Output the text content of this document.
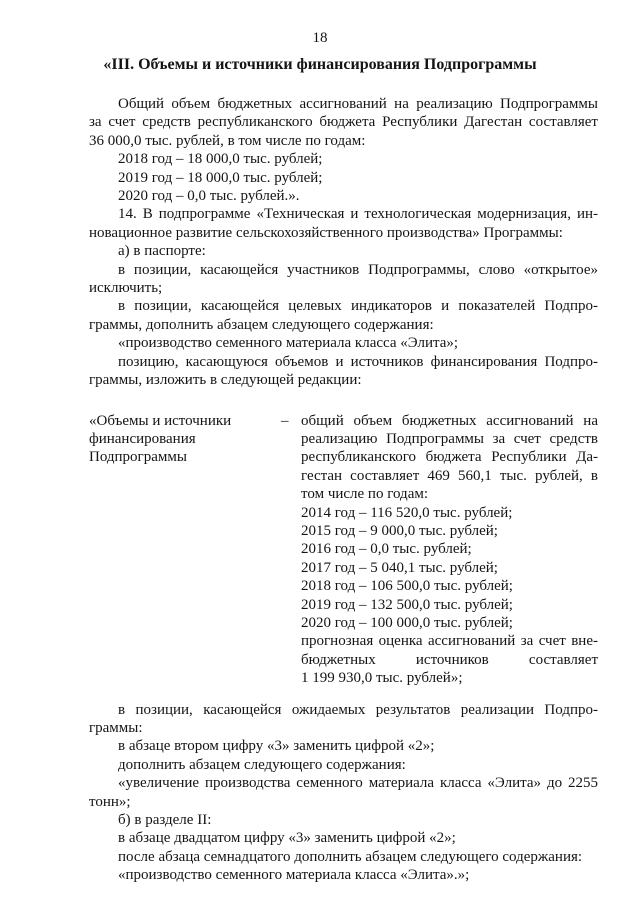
18
«III. Объемы и источники финансирования Подпрограммы

Общий объем бюджетных ассигнований на реализацию Подпрограммы

за счет средств республиканского бюджета Республики Дагестан составляет

36 000,0 тыс. рублей, в том числе по годам:

2018 год – 18 000,0 тыс. рублей;

2019 год – 18 000,0 тыс. рублей;

2020 год – 0,0 тыс. рублей.».

14. В подпрограмме «Техническая и технологическая модернизация, ин-

новационное развитие сельскохозяйственного производства» Программы:

а) в паспорте:

в позиции, касающейся участников Подпрограммы, слово «открытое»

исключить;

в позиции, касающейся целевых индикаторов и показателей Подпро-

граммы, дополнить абзацем следующего содержания:

«производство семенного материала класса «Элита»;

позицию, касающуюся объемов и источников финансирования Подпро-

граммы, изложить в следующей редакции:

«Объемы и источники

финансирования

Подпрограммы

– общий объем бюджетных ассигнований на

реализацию Подпрограммы за счет средств

республиканского бюджета Республики Да-

гестан составляет 469 560,1 тыс. рублей, в

том числе по годам:

2014 год – 116 520,0 тыс. рублей;

2015 год – 9 000,0 тыс. рублей;

2016 год – 0,0 тыс. рублей;

2017 год – 5 040,1 тыс. рублей;

2018 год – 106 500,0 тыс. рублей;

2019 год – 132 500,0 тыс. рублей;

2020 год – 100 000,0 тыс. рублей;

прогнозная оценка ассигнований за счет вне-

бюджетных источников составляет

1 199 930,0 тыс. рублей»;

в позиции, касающейся ожидаемых результатов реализации Подпро-

граммы:

в абзаце втором цифру «3» заменить цифрой «2»;

дополнить абзацем следующего содержания:

«увеличение производства семенного материала класса «Элита» до 2255

тонн»;

б) в разделе II:

в абзаце двадцатом цифру «3» заменить цифрой «2»;

после абзаца семнадцатого дополнить абзацем следующего содержания:

«производство семенного материала класса «Элита».»;
